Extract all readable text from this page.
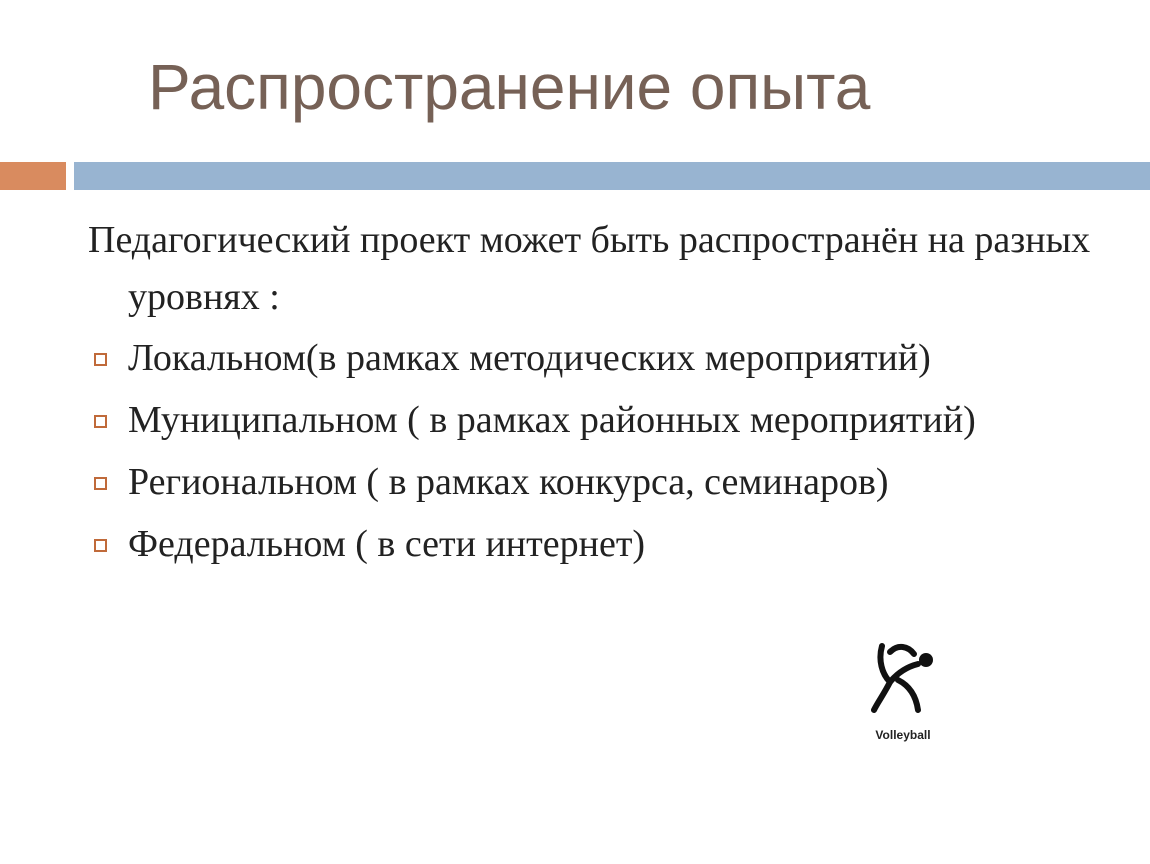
Распространение опыта

Педагогический проект может быть распространён на разных уровнях :

Локальном(в рамках методических мероприятий)
Муниципальном ( в рамках районных мероприятий)
Региональном ( в рамках конкурса, семинаров)
Федеральном ( в сети интернет)
Volleyball
